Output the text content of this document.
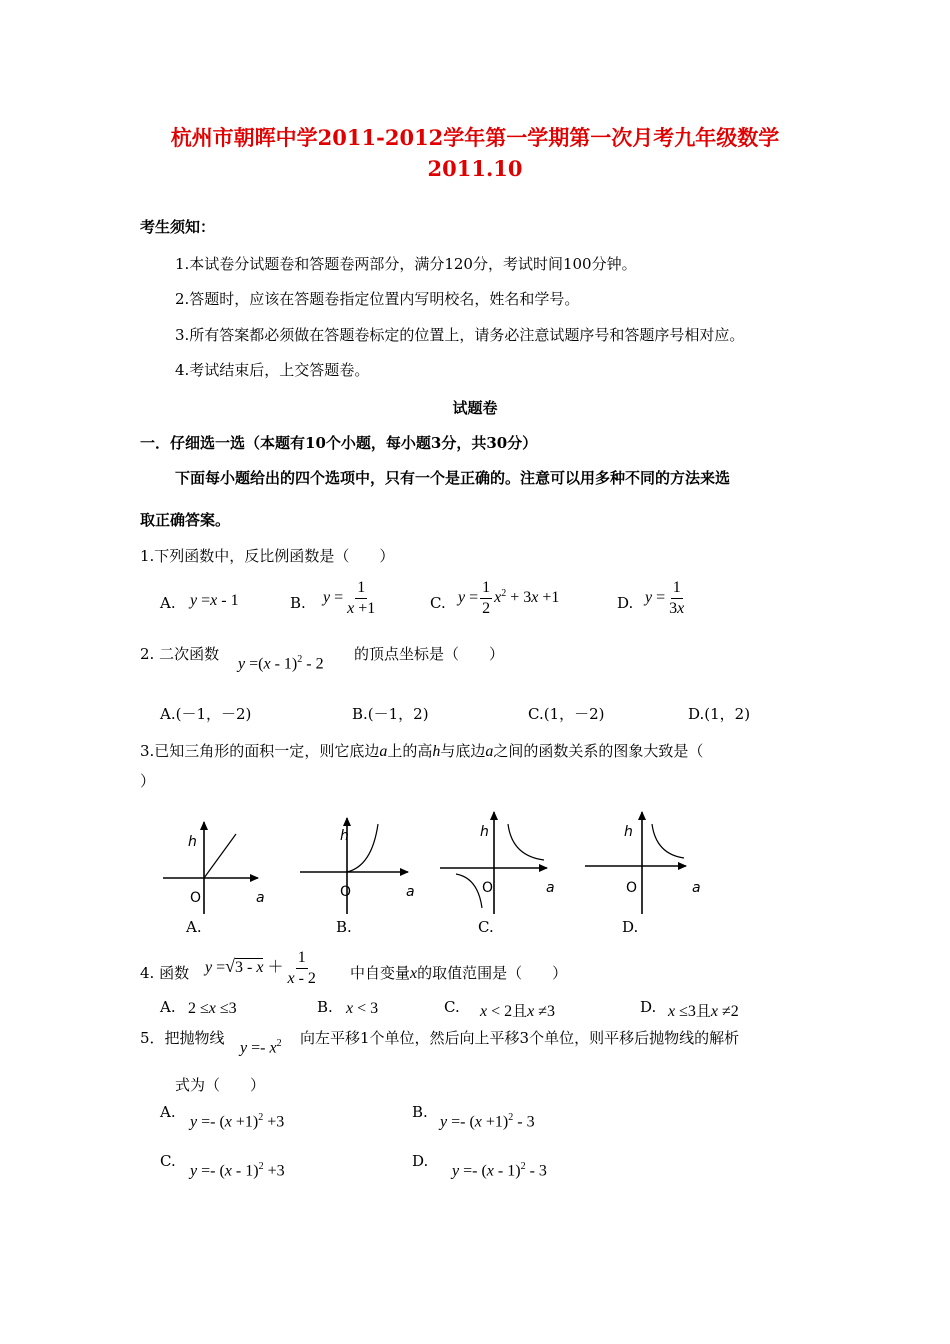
杭州市朝晖中学2011-2012学年第一学期第一次月考九年级数学
2011.10
考生须知：
1.本试卷分试题卷和答题卷两部分，满分120分，考试时间100分钟。
2.答题时，应该在答题卷指定位置内写明校名，姓名和学号。
3.所有答案都必须做在答题卷标定的位置上，请务必注意试题序号和答题序号相对应。
4.考试结束后，上交答题卷。
试题卷
一．仔细选一选（本题有10个小题，每小题3分，共30分）
下面每小题给出的四个选项中，只有一个是正确的。注意可以用多种不同的方法来选
取正确答案。
1.下列函数中，反比例函数是（　　）
A. y =x - 1	B. $y = \frac{1}{x +1}$	C. $y = \frac{1}{2} x^2 + 3x +1$	D. $y = \frac{1}{3x}$
2. 二次函数
y =(x - 1)$^2$ - 2
的顶点坐标是（　　）
A.(－1，－2)	B.(－1，2)	C.(1，－2)	D.(1，2)
3.已知三角形的面积一定，则它底边a上的高h与底边a之间的函数关系的图象大致是（
）
h
O	a
A.
h
O	a
B.
h
O	a
C.
h
O	a
D.
4. 函数 $y =√3 - x + \frac{1}{x - 2}$ 中自变量x的取值范围是（　　）
A. 2 ≤x ≤3	B. x < 3	C. x < 2且x ≠3	D. x ≤3且x ≠2
5．把抛物线
$y =- x^2$ 向左平移1个单位，然后向上平移3个单位，则平移后抛物线的解析
式为（　　）
A.
$y =- (x +1)^2 +3$
B.
$y =- (x +1)^2 - 3$
C.
y =- (x - 1)$^2$ +3
D.
y =- (x - 1)$^2$ - 3
